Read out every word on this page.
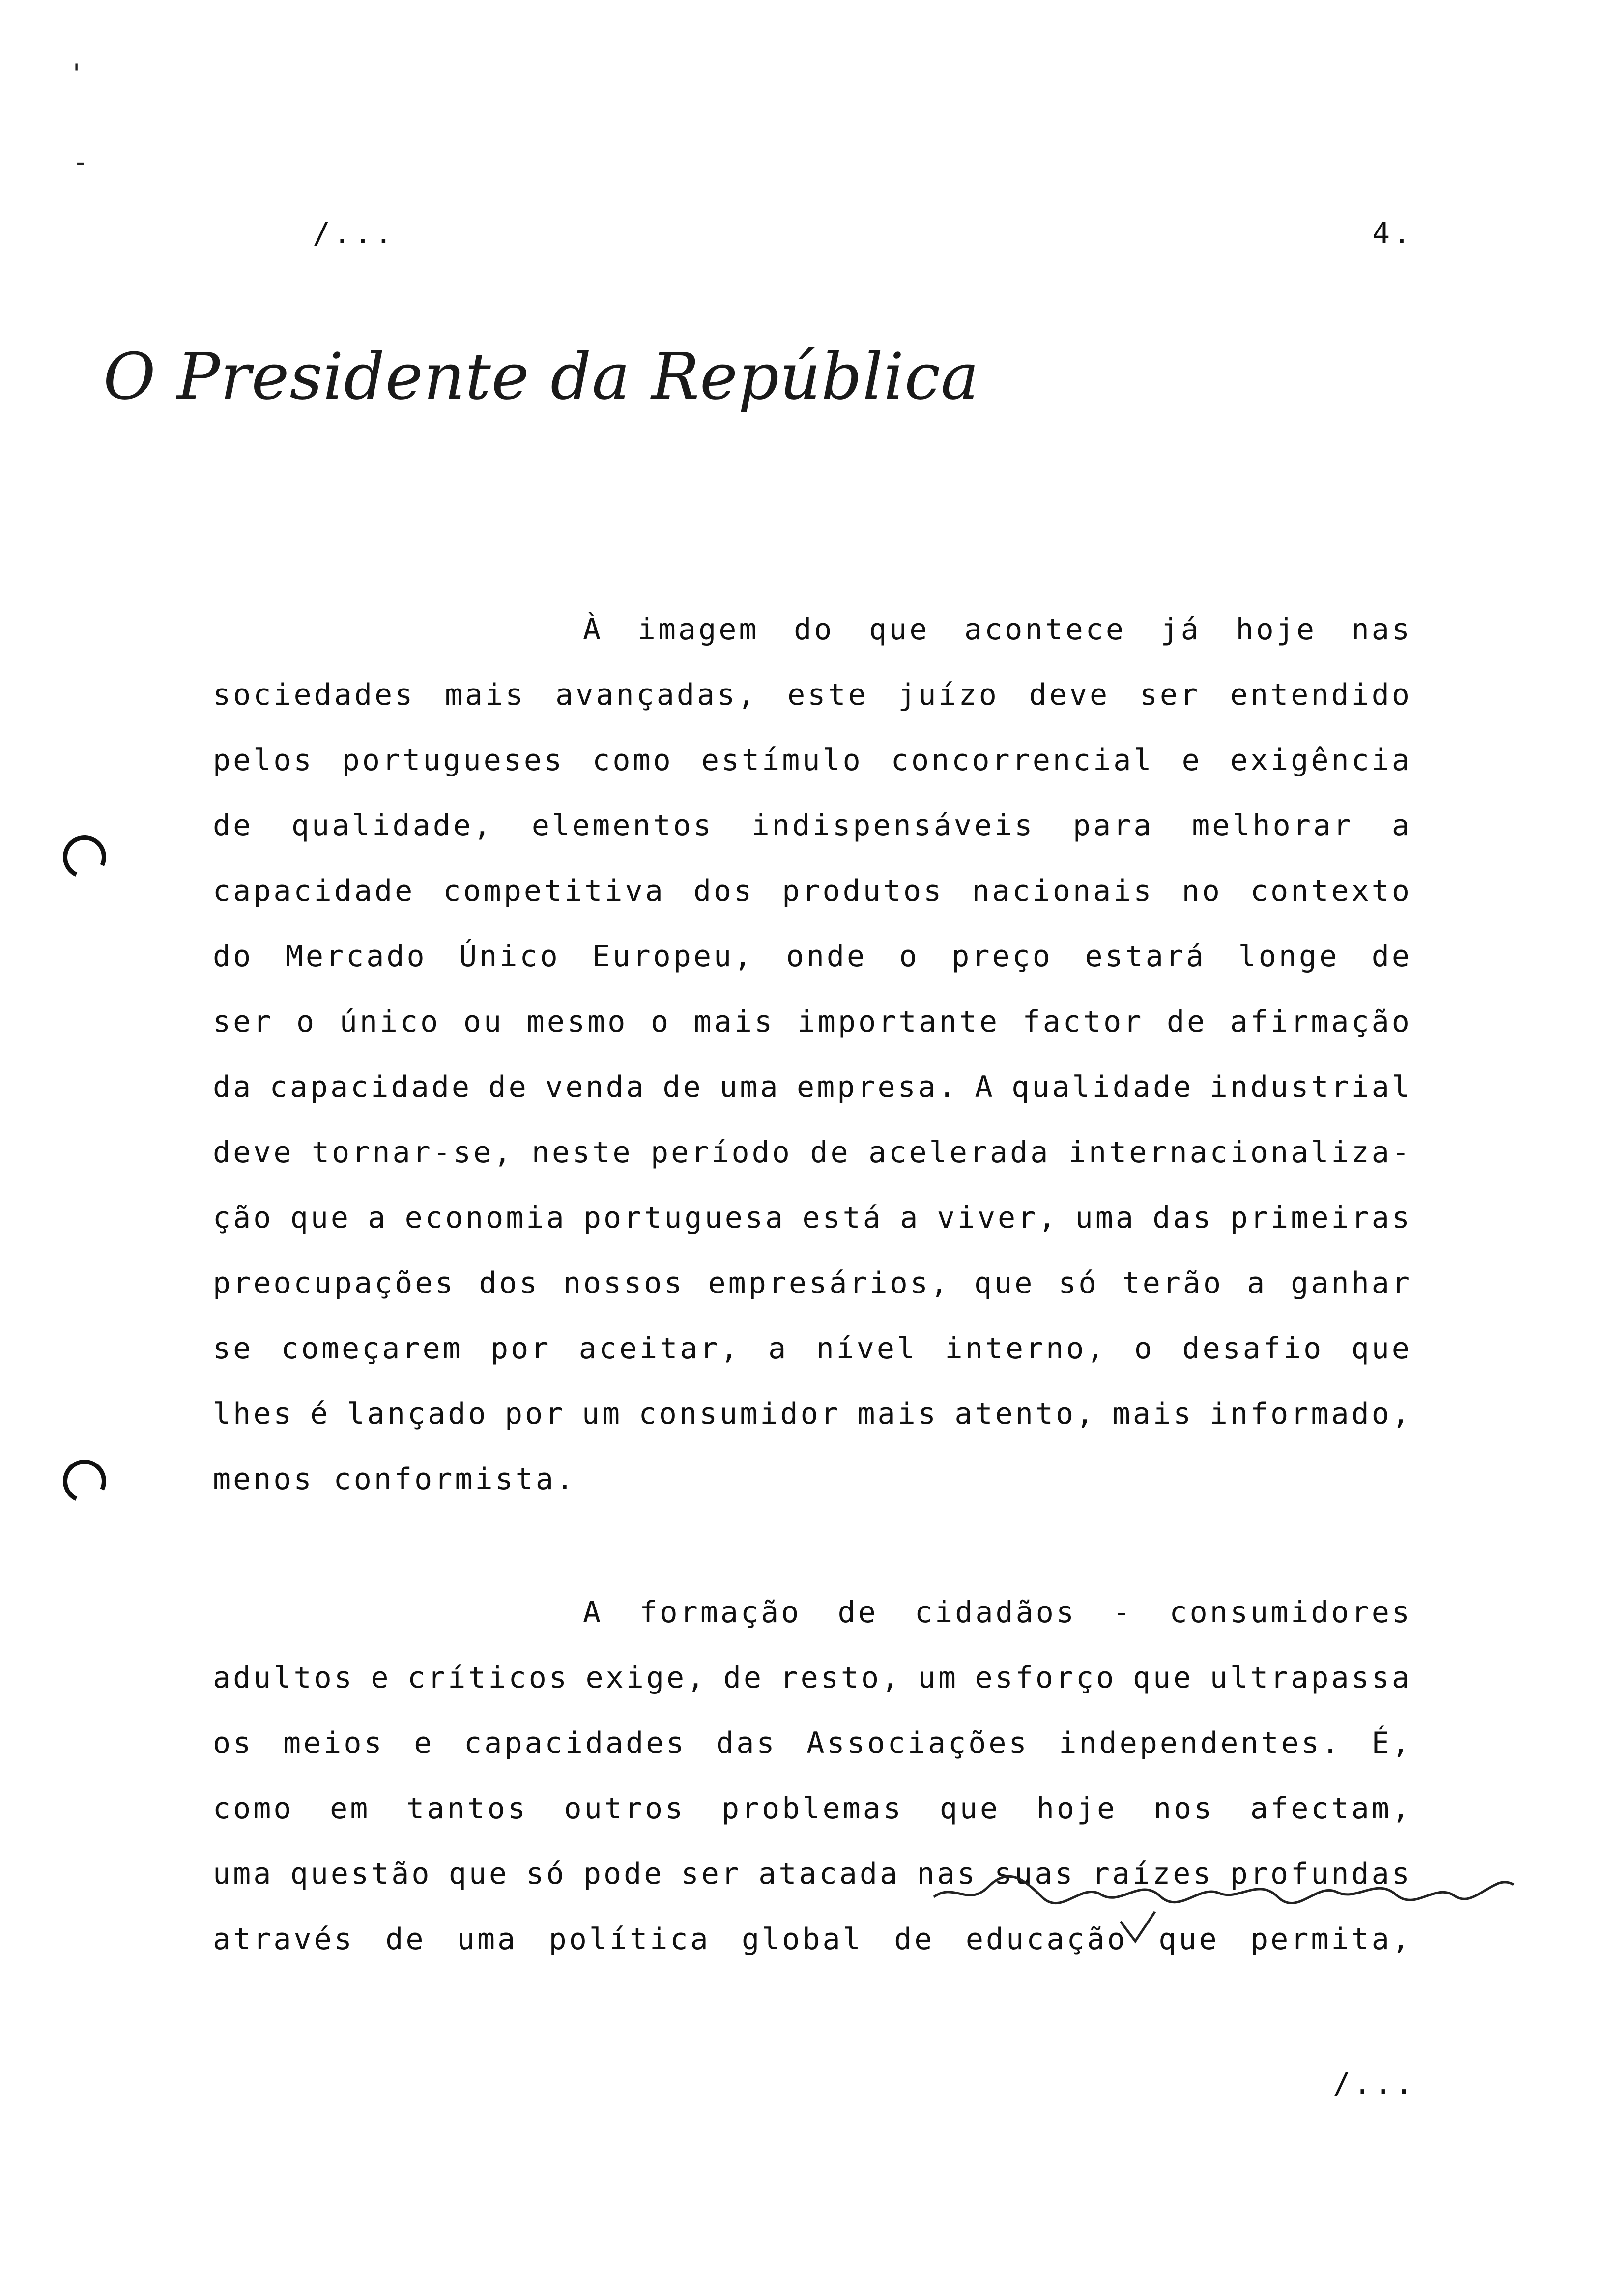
'
-
/...	4.
O Presidente da República
À imagem do que acontece já hoje nas
sociedades mais avançadas, este juízo deve ser entendido
pelos portugueses como estímulo concorrencial e exigência
de qualidade, elementos indispensáveis para melhorar a
capacidade competitiva dos produtos nacionais no contexto
do Mercado Único Europeu, onde o preço estará longe de
ser o único ou mesmo o mais importante factor de afirmação
da capacidade de venda de uma empresa. A qualidade industrial
deve tornar-se, neste período de acelerada internacionaliza-
ção que a economia portuguesa está a viver, uma das primeiras
preocupações dos nossos empresários, que só terão a ganhar
se começarem por aceitar, a nível interno, o desafio que
lhes é lançado por um consumidor mais atento, mais informado,
menos conformista.
A formação de cidadãos - consumidores
adultos e críticos exige, de resto, um esforço que ultrapassa
os meios e capacidades das Associações independentes. É,
como em tantos outros problemas que hoje nos afectam,
uma questão que só pode ser atacada nas suas raízes profundas
através de uma política global de educação que permita,
/...
